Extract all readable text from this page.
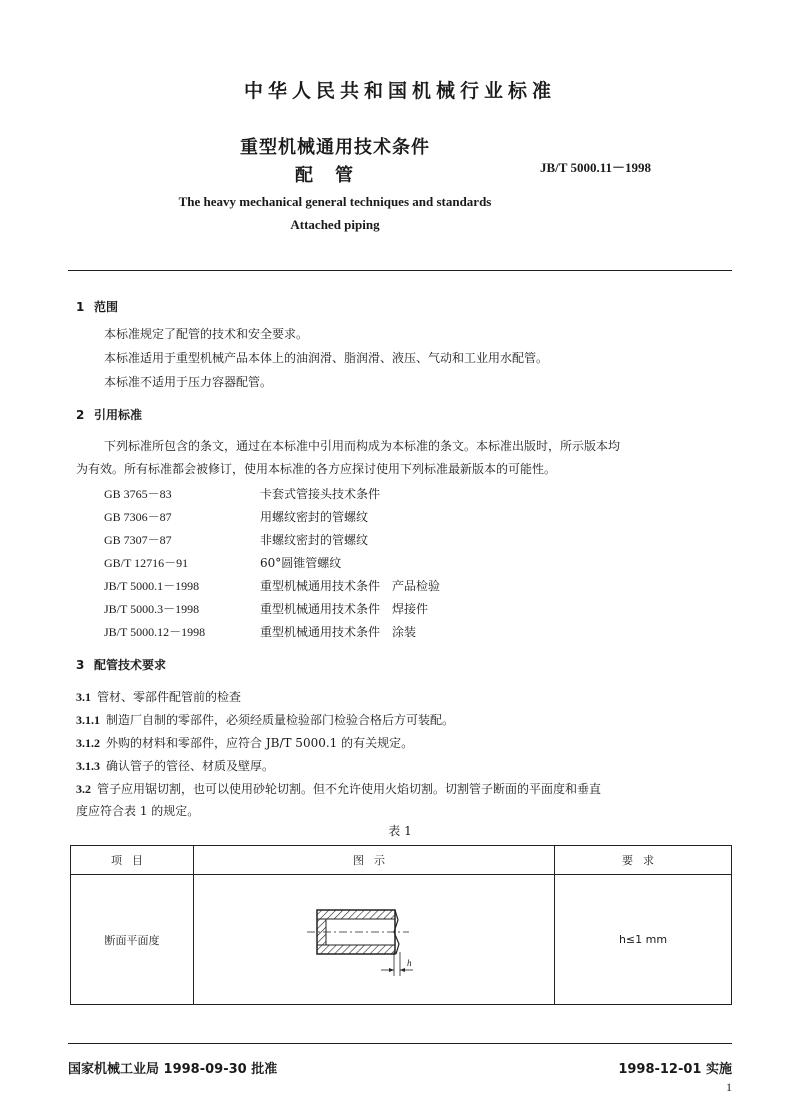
中华人民共和国机械行业标准
重型机械通用技术条件
配管	JB/T 5000.11－1998
The heavy mechanical general techniques and standards
Attached piping
1 范围
本标准规定了配管的技术和安全要求。
本标准适用于重型机械产品本体上的油润滑、脂润滑、液压、气动和工业用水配管。
本标准不适用于压力容器配管。
2 引用标准
下列标准所包含的条文，通过在本标准中引用而构成为本标准的条文。本标准出版时，所示版本均
为有效。所有标准都会被修订，使用本标准的各方应探讨使用下列标准最新版本的可能性。
GB 3765－83	卡套式管接头技术条件
GB 7306－87	用螺纹密封的管螺纹
GB 7307－87	非螺纹密封的管螺纹
GB/T 12716－91	60°圆锥管螺纹
JB/T 5000.1－1998	重型机械通用技术条件　产品检验
JB/T 5000.3－1998	重型机械通用技术条件　焊接件
JB/T 5000.12－1998	重型机械通用技术条件　涂装
3 配管技术要求
3.1 管材、零部件配管前的检查
3.1.1 制造厂自制的零部件，必须经质量检验部门检验合格后方可装配。
3.1.2 外购的材料和零部件，应符合 JB/T 5000.1 的有关规定。
3.1.3 确认管子的管径、材质及壁厚。
3.2 管子应用锯切割，也可以使用砂轮切割。但不允许使用火焰切割。切割管子断面的平面度和垂直
度应符合表 1 的规定。
表 1
项目	图示	要求
断面平面度	h	h≤1 mm
国家机械工业局 1998-09-30 批准	1998-12-01 实施
1
